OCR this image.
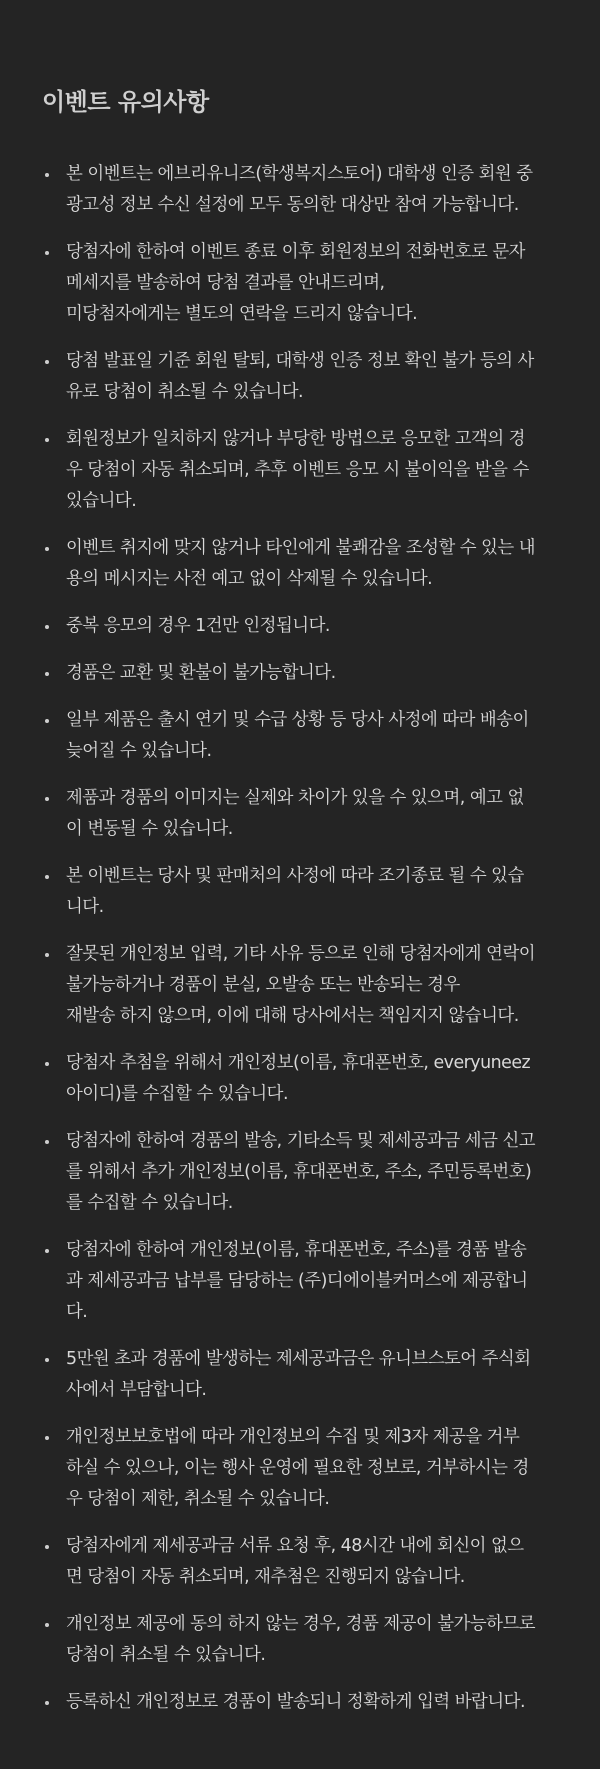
이벤트 유의사항
본 이벤트는 에브리유니즈(학생복지스토어) 대학생 인증 회원 중
광고성 정보 수신 설정에 모두 동의한 대상만 참여 가능합니다.
당첨자에 한하여 이벤트 종료 이후 회원정보의 전화번호로 문자
메세지를 발송하여 당첨 결과를 안내드리며,
미당첨자에게는 별도의 연락을 드리지 않습니다.
당첨 발표일 기준 회원 탈퇴, 대학생 인증 정보 확인 불가 등의 사
유로 당첨이 취소될 수 있습니다.
회원정보가 일치하지 않거나 부당한 방법으로 응모한 고객의 경
우 당첨이 자동 취소되며, 추후 이벤트 응모 시 불이익을 받을 수
있습니다.
이벤트 취지에 맞지 않거나 타인에게 불쾌감을 조성할 수 있는 내
용의 메시지는 사전 예고 없이 삭제될 수 있습니다.
중복 응모의 경우 1건만 인정됩니다.
경품은 교환 및 환불이 불가능합니다.
일부 제품은 출시 연기 및 수급 상황 등 당사 사정에 따라 배송이
늦어질 수 있습니다.
제품과 경품의 이미지는 실제와 차이가 있을 수 있으며, 예고 없
이 변동될 수 있습니다.
본 이벤트는 당사 및 판매처의 사정에 따라 조기종료 될 수 있습
니다.
잘못된 개인정보 입력, 기타 사유 등으로 인해 당첨자에게 연락이
불가능하거나 경품이 분실, 오발송 또는 반송되는 경우
재발송 하지 않으며, 이에 대해 당사에서는 책임지지 않습니다.
당첨자 추첨을 위해서 개인정보(이름, 휴대폰번호, everyuneez
아이디)를 수집할 수 있습니다.
당첨자에 한하여 경품의 발송, 기타소득 및 제세공과금 세금 신고
를 위해서 추가 개인정보(이름, 휴대폰번호, 주소, 주민등록번호)
를 수집할 수 있습니다.
당첨자에 한하여 개인정보(이름, 휴대폰번호, 주소)를 경품 발송
과 제세공과금 납부를 담당하는 (주)디에이블커머스에 제공합니
다.
5만원 초과 경품에 발생하는 제세공과금은 유니브스토어 주식회
사에서 부담합니다.
개인정보보호법에 따라 개인정보의 수집 및 제3자 제공을 거부
하실 수 있으나, 이는 행사 운영에 필요한 정보로, 거부하시는 경
우 당첨이 제한, 취소될 수 있습니다.
당첨자에게 제세공과금 서류 요청 후, 48시간 내에 회신이 없으
면 당첨이 자동 취소되며, 재추첨은 진행되지 않습니다.
개인정보 제공에 동의 하지 않는 경우, 경품 제공이 불가능하므로
당첨이 취소될 수 있습니다.
등록하신 개인정보로 경품이 발송되니 정확하게 입력 바랍니다.
